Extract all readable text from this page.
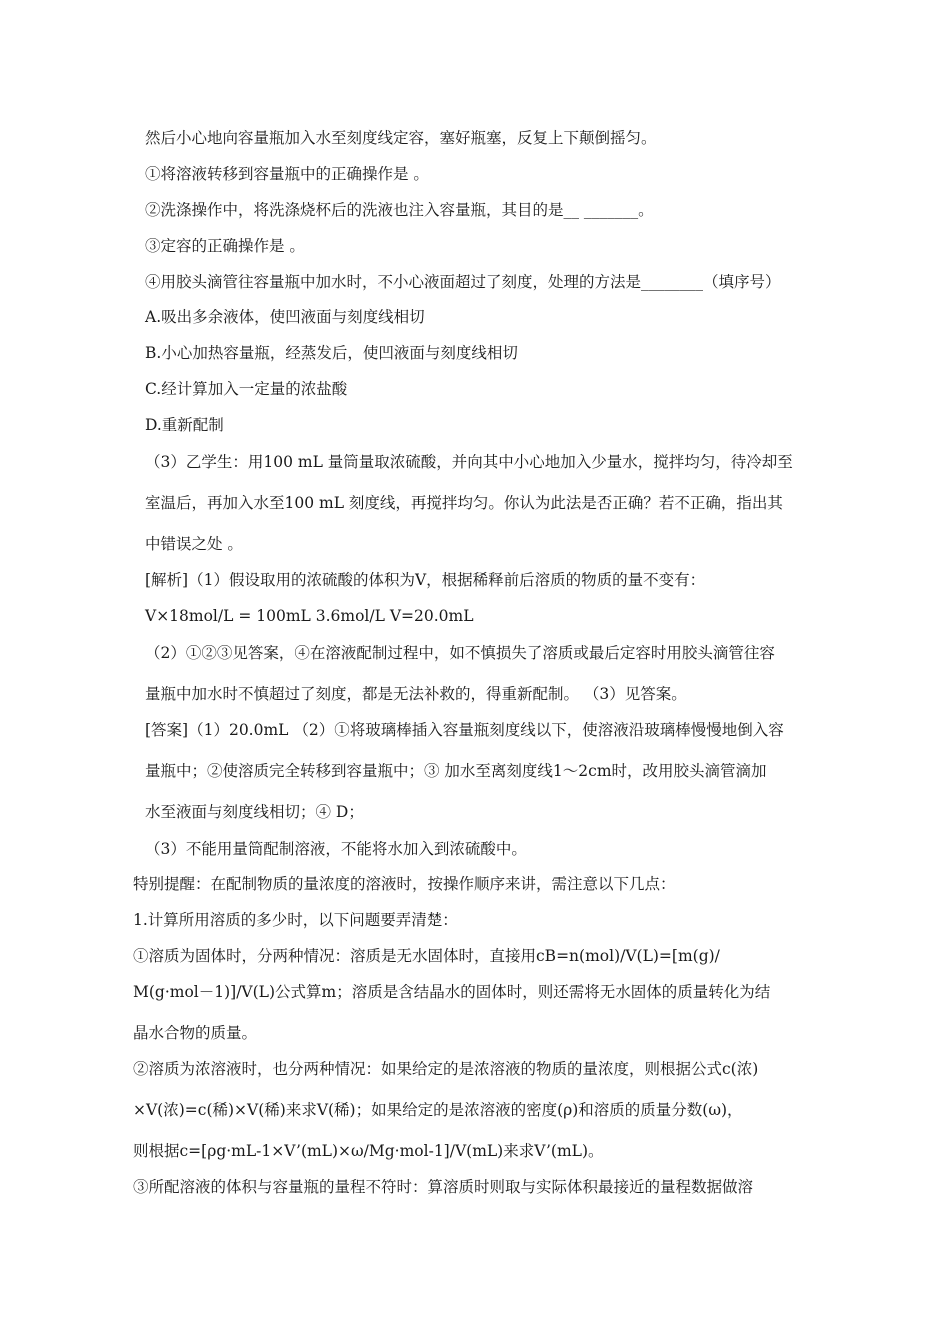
然后小心地向容量瓶加入水至刻度线定容，塞好瓶塞，反复上下颠倒摇匀。
①将溶液转移到容量瓶中的正确操作是 。
②洗涤操作中，将洗涤烧杯后的洗液也注入容量瓶，其目的是__ _______。
③定容的正确操作是 。
④用胶头滴管往容量瓶中加水时，不小心液面超过了刻度，处理的方法是________（填序号）
A.吸出多余液体，使凹液面与刻度线相切
B.小心加热容量瓶，经蒸发后，使凹液面与刻度线相切
C.经计算加入一定量的浓盐酸
D.重新配制
（3）乙学生：用100 mL 量筒量取浓硫酸，并向其中小心地加入少量水，搅拌均匀，待冷却至
室温后，再加入水至100 mL 刻度线，再搅拌均匀。你认为此法是否正确？若不正确，指出其
中错误之处 。
[解析]（1）假设取用的浓硫酸的体积为V，根据稀释前后溶质的物质的量不变有：
V×18mol/L = 100mL 3.6mol/L V=20.0mL
（2）①②③见答案，④在溶液配制过程中，如不慎损失了溶质或最后定容时用胶头滴管往容
量瓶中加水时不慎超过了刻度，都是无法补救的，得重新配制。 （3）见答案。
[答案]（1）20.0mL （2）①将玻璃棒插入容量瓶刻度线以下，使溶液沿玻璃棒慢慢地倒入容
量瓶中；②使溶质完全转移到容量瓶中；③ 加水至离刻度线1～2cm时，改用胶头滴管滴加
水至液面与刻度线相切；④ D；
（3）不能用量筒配制溶液，不能将水加入到浓硫酸中。
特别提醒：在配制物质的量浓度的溶液时，按操作顺序来讲，需注意以下几点：
1.计算所用溶质的多少时，以下问题要弄清楚：
①溶质为固体时，分两种情况：溶质是无水固体时，直接用cB=n(mol)/V(L)=[m(g)/
M(g·mol－1)]/V(L)公式算m；溶质是含结晶水的固体时，则还需将无水固体的质量转化为结
晶水合物的质量。
②溶质为浓溶液时，也分两种情况：如果给定的是浓溶液的物质的量浓度，则根据公式c(浓)
×V(浓)=c(稀)×V(稀)来求V(稀)；如果给定的是浓溶液的密度(ρ)和溶质的质量分数(ω)，
则根据c=[ρg·mL-1×V’(mL)×ω/Mg·mol-1]/V(mL)来求V’(mL)。
③所配溶液的体积与容量瓶的量程不符时：算溶质时则取与实际体积最接近的量程数据做溶
